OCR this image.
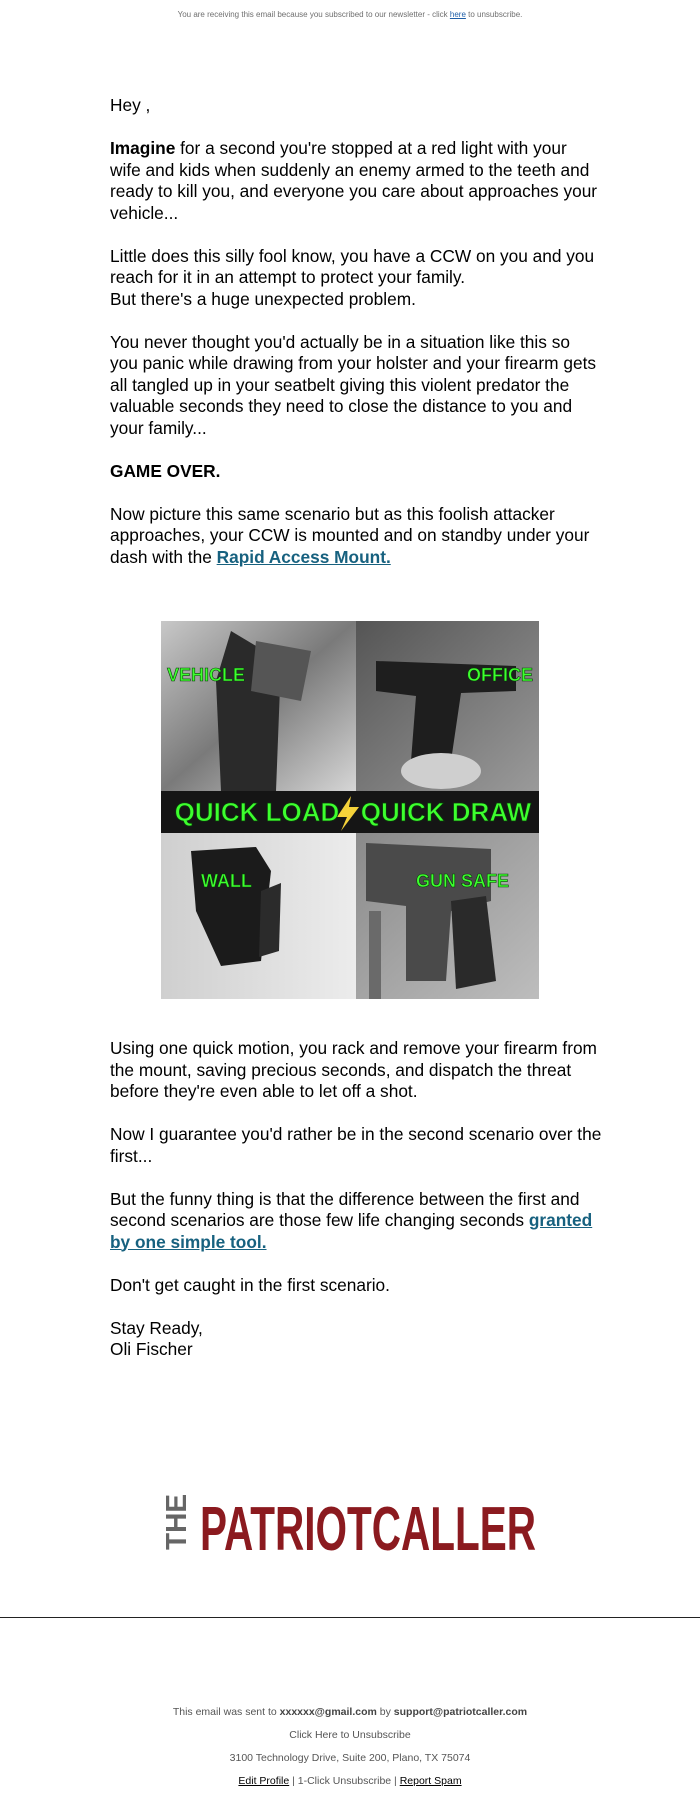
You are receiving this email because you subscribed to our newsletter - click here to unsubscribe.

Hey ,

Imagine for a second you're stopped at a red light with your wife and kids when suddenly an enemy armed to the teeth and ready to kill you, and everyone you care about approaches your vehicle...

Little does this silly fool know, you have a CCW on you and you reach for it in an attempt to protect your family.
But there's a huge unexpected problem.

You never thought you'd actually be in a situation like this so you panic while drawing from your holster and your firearm gets all tangled up in your seatbelt giving this violent predator the valuable seconds they need to close the distance to you and your family...

GAME OVER.

Now picture this same scenario but as this foolish attacker approaches, your CCW is mounted and on standby under your dash with the Rapid Access Mount.

VEHICLE	OFFICE
QUICK LOAD QUICK DRAW
WALL	GUN SAFE

Using one quick motion, you rack and remove your firearm from the mount, saving precious seconds, and dispatch the threat before they're even able to let off a shot.

Now I guarantee you'd rather be in the second scenario over the first...

But the funny thing is that the difference between the first and second scenarios are those few life changing seconds granted by one simple tool.

Don't get caught in the first scenario.

Stay Ready,
Oli Fischer

THE PATRIOTCALLER
This email was sent to xxxxxx@gmail.com by support@patriotcaller.com
Click Here to Unsubscribe
3100 Technology Drive, Suite 200, Plano, TX 75074
Edit Profile | 1-Click Unsubscribe | Report Spam
